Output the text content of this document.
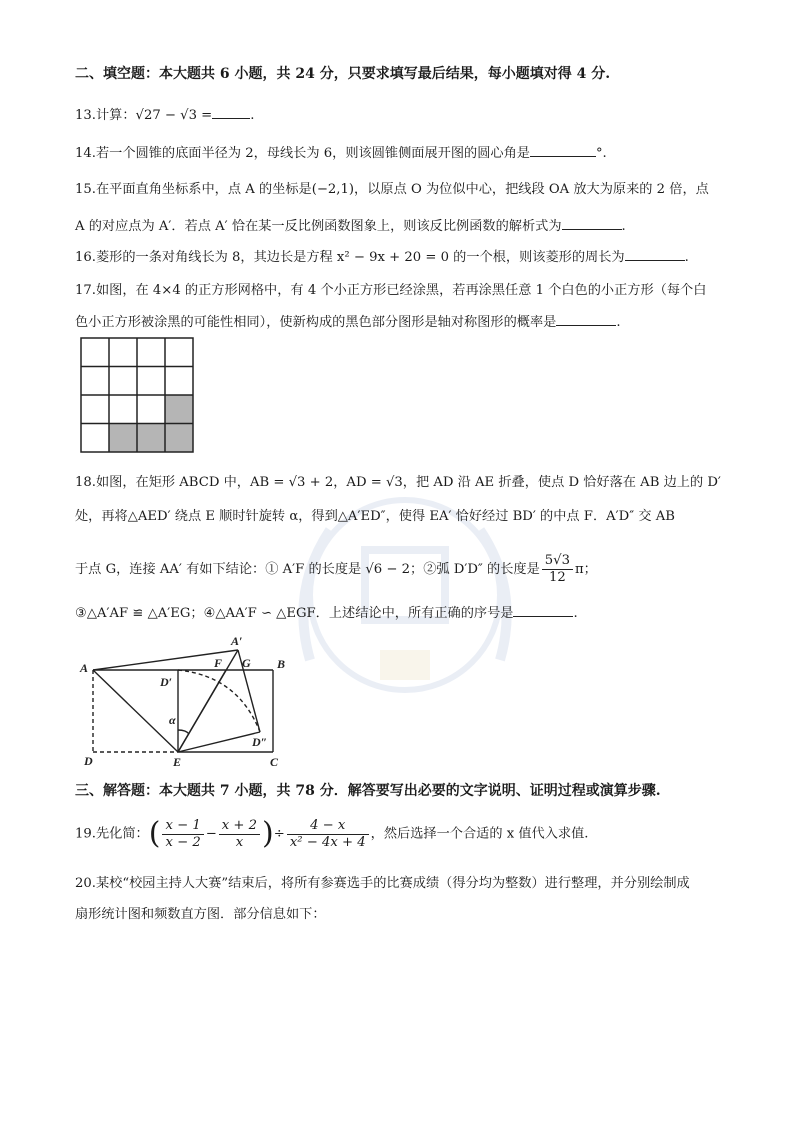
二、填空题：本大题共 6 小题，共 24 分，只要求填写最后结果，每小题填对得 4 分.
13.计算：√27 − √3 =	.
14.若一个圆锥的底面半径为 2，母线长为 6，则该圆锥侧面展开图的圆心角是	°.
15.在平面直角坐标系中，点 A 的坐标是(−2,1)，以原点 O 为位似中心，把线段 OA 放大为原来的 2 倍，点
A 的对应点为 A′．若点 A′ 恰在某一反比例函数图象上，则该反比例函数的解析式为	.
16.菱形的一条对角线长为 8，其边长是方程 x² − 9x + 20 = 0 的一个根，则该菱形的周长为	.
17.如图，在 4×4 的正方形网格中，有 4 个小正方形已经涂黑，若再涂黑任意 1 个白色的小正方形（每个白
色小正方形被涂黑的可能性相同），使新构成的黑色部分图形是轴对称图形的概率是	.
18.如图，在矩形 ABCD 中，AB = √3 + 2，AD = √3，把 AD 沿 AE 折叠，使点 D 恰好落在 AB 边上的 D′
处，再将△AED′ 绕点 E 顺时针旋转 α，得到△A′ED″，使得 EA′ 恰好经过 BD′ 的中点 F．A′D″ 交 AB
于点 G，连接 AA′ 有如下结论：① A′F 的长度是 √6 − 2；②弧 D′D″ 的长度是 $\frac{5√3}{12}$ π；
③△A′AF ≌ △A′EG；④△AA′F ∽ △EGF．上述结论中，所有正确的序号是	.
A
A′
F G B
D′
α
D″
D	E	C
三、解答题：本大题共 7 小题，共 78 分．解答要写出必要的文字说明、证明过程或演算步骤.
19.先化简：( $\frac{x - 1}{x - 2} - \frac{x + 2}{x}$ )÷ $\frac{4 - x}{\text{x² − 4x + 4}}$ ，然后选择一个合适的 x 值代入求值.
20.某校“校园主持人大赛”结束后，将所有参赛选手的比赛成绩（得分均为整数）进行整理，并分别绘制成
扇形统计图和频数直方图．部分信息如下：
